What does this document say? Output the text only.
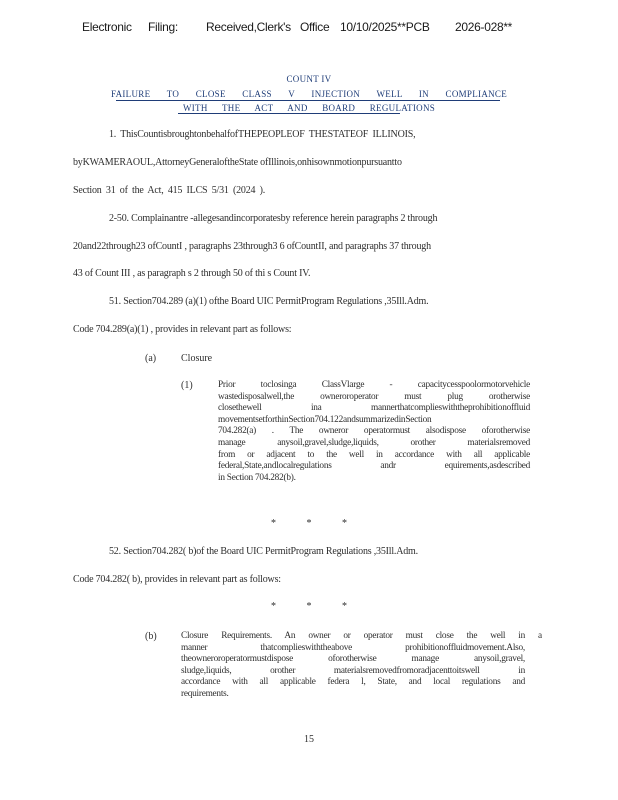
Electronic Filing: Received,Clerk's Office 10/10/2025**PCB 2026-028**
COUNT IV
FAILURE TO CLOSE CLASS V INJECTION WELL IN COMPLIANCE
WITH THE ACT AND BOARD REGULATIONS
1. ThisCountisbroughtonbehalfofTHEPEOPLEOF THESTATEOF ILLINOIS,
byKWAMERAOUL,AttorneyGeneraloftheState ofIllinois,onhisownmotionpursuantto
Section 31 of the Act, 415 ILCS 5/31 (2024 ).
2-50. Complainantre -allegesandincorporatesby reference herein paragraphs 2 through
20and22through23 ofCountI , paragraphs 23through3 6 ofCountII, and paragraphs 37 through
43 of Count III , as paragraph s 2 through 50 of thi s Count IV.
51. Section704.289 (a)(1) ofthe Board UIC PermitProgram Regulations ,35Ill.Adm.
Code 704.289(a)(1) , provides in relevant part as follows:
(a) Closure
(1)	Prior toclosinga ClassVlarge - capacitycesspoolormotorvehicle
wastedisposalwell,the owneroroperator must plug orotherwise
closethewell ina mannerthatcomplieswiththeprohibitionoffluid
movementsetforthinSection704.122andsummarizedinSection
704.282(a) . The owneror operatormust alsodispose oforotherwise
manage anysoil,gravel,sludge,liquids, orother materialsremoved
from or adjacent to the well in accordance with all applicable
federal,State,andlocalregulations andr equirements,asdescribed
in Section 704.282(b).
* * *
52. Section704.282( b)of the Board UIC PermitProgram Regulations ,35Ill.Adm.
Code 704.282( b), provides in relevant part as follows:
* * *
(b)	Closure Requirements. An owner or operator must close the well in
manner thatcomplieswiththeabove prohibitionoffluidmovement.Also,
theowneroroperatormustdispose oforotherwise manage anysoil,gravel,
sludge,liquids, orother materialsremovedfromoradjacenttoitswell in
accordance with all applicable federa l, State, and local regulations and
requirements.
a
15
